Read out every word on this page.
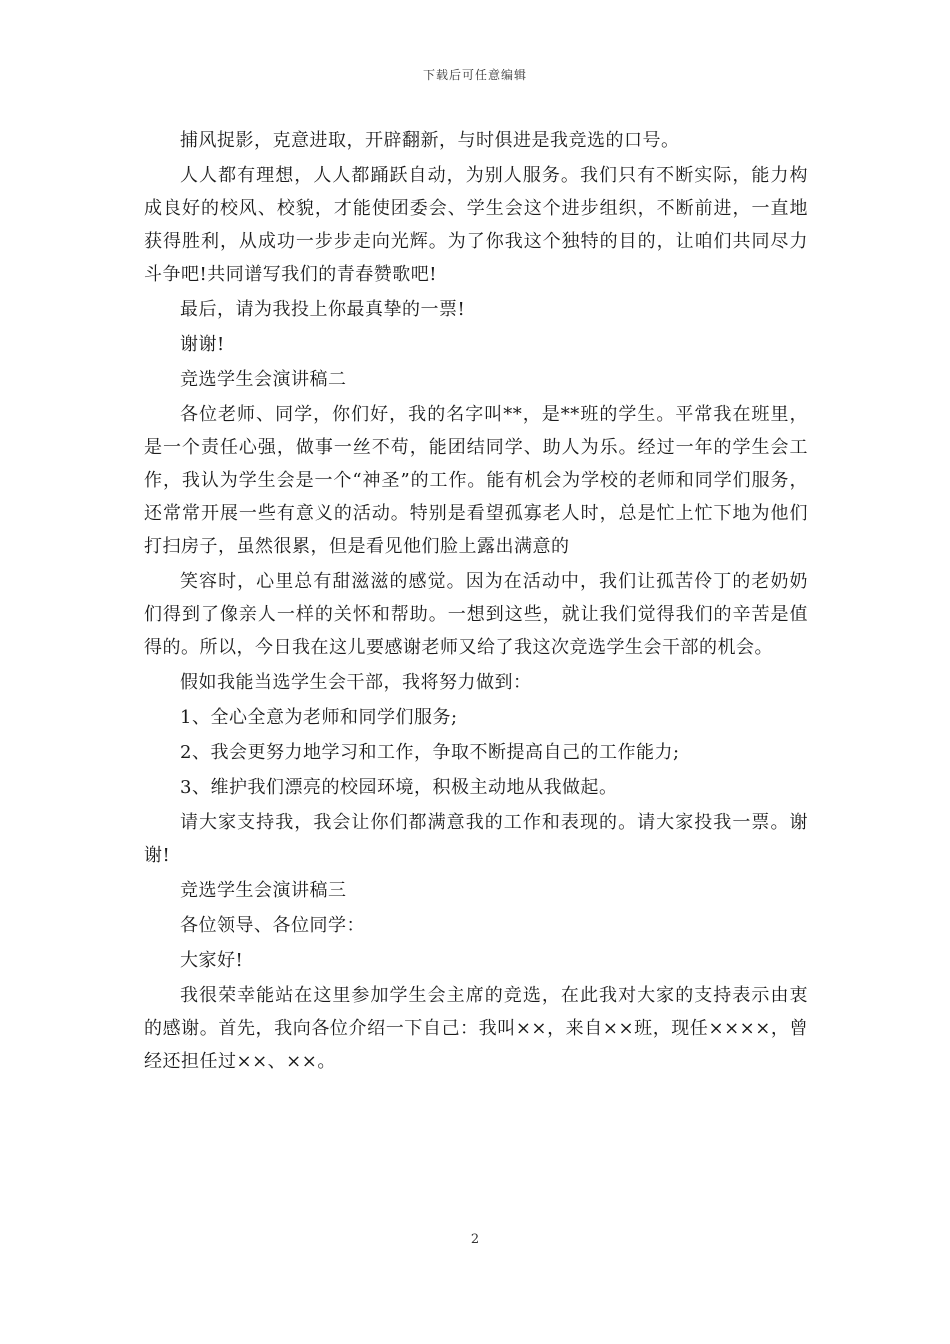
下载后可任意编辑

捕风捉影，克意进取，开辟翻新，与时俱进是我竞选的口号。

人人都有理想，人人都踊跃自动，为别人服务。我们只有不断实际，能力构成良好的校风、校貌，才能使团委会、学生会这个进步组织，不断前进，一直地获得胜利，从成功一步步走向光辉。为了你我这个独特的目的，让咱们共同尽力斗争吧!共同谱写我们的青春赞歌吧!

最后，请为我投上你最真挚的一票!

谢谢!

竞选学生会演讲稿二

各位老师、同学，你们好，我的名字叫**，是**班的学生。平常我在班里，是一个责任心强，做事一丝不苟，能团结同学、助人为乐。经过一年的学生会工作，我认为学生会是一个“神圣”的工作。能有机会为学校的老师和同学们服务，还常常开展一些有意义的活动。特别是看望孤寡老人时，总是忙上忙下地为他们打扫房子，虽然很累，但是看见他们脸上露出满意的

笑容时，心里总有甜滋滋的感觉。因为在活动中，我们让孤苦伶丁的老奶奶们得到了像亲人一样的关怀和帮助。一想到这些，就让我们觉得我们的辛苦是值得的。所以，今日我在这儿要感谢老师又给了我这次竞选学生会干部的机会。

假如我能当选学生会干部，我将努力做到：

1、全心全意为老师和同学们服务;

2、我会更努力地学习和工作，争取不断提高自己的工作能力;

3、维护我们漂亮的校园环境，积极主动地从我做起。

请大家支持我，我会让你们都满意我的工作和表现的。请大家投我一票。谢谢!

竞选学生会演讲稿三

各位领导、各位同学：

大家好!

我很荣幸能站在这里参加学生会主席的竞选，在此我对大家的支持表示由衷的感谢。首先，我向各位介绍一下自己：我叫××，来自××班，现任××××，曾经还担任过××、××。

2
